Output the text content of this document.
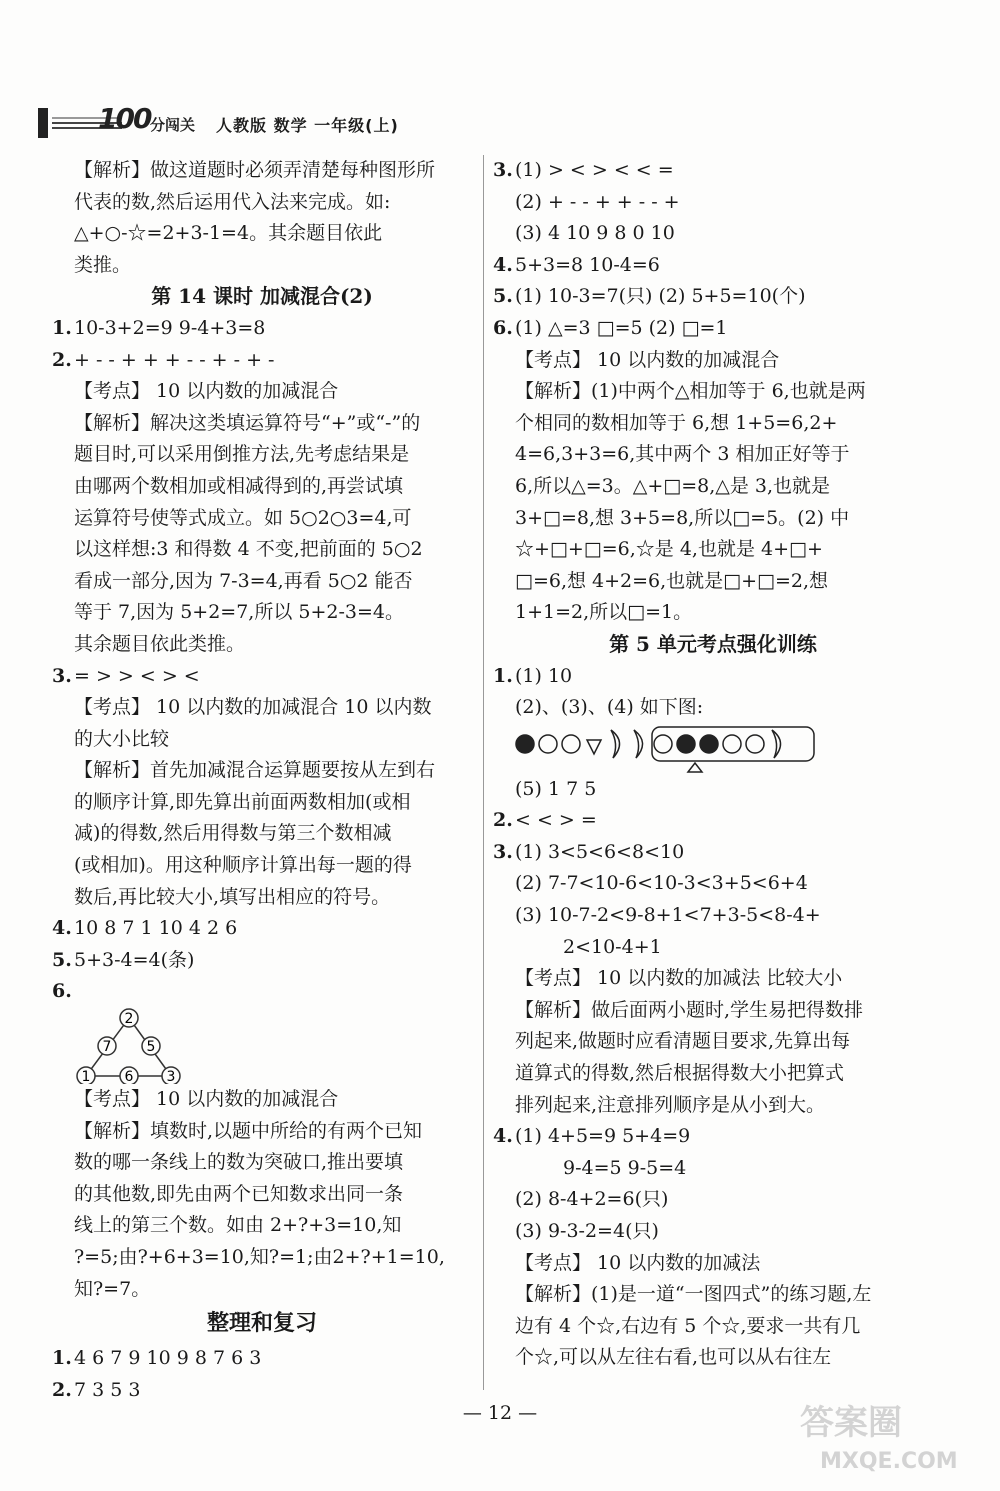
100 分闯关 人教版 数学 一年级(上)
【解析】做这道题时必须弄清楚每种图形所
代表的数,然后运用代入法来完成。如:
△+○-☆=2+3-1=4。其余题目依此
类推。
第 14 课时 加减混合(2)
1. 10-3+2=9 9-4+3=8
2. + - - + + + - - + - + -
【考点】 10 以内数的加减混合
【解析】解决这类填运算符号“+”或“-”的
题目时,可以采用倒推方法,先考虑结果是
由哪两个数相加或相减得到的,再尝试填
运算符号使等式成立。如 5○2○3=4,可
以这样想:3 和得数 4 不变,把前面的 5○2
看成一部分,因为 7-3=4,再看 5○2 能否
等于 7,因为 5+2=7,所以 5+2-3=4。
其余题目依此类推。
3. = > > < > <
【考点】 10 以内数的加减混合 10 以内数
的大小比较
【解析】首先加减混合运算题要按从左到右
的顺序计算,即先算出前面两数相加(或相
减)的得数,然后用得数与第三个数相减
(或相加)。用这种顺序计算出每一题的得
数后,再比较大小,填写出相应的符号。
4. 10 8 7 1 10 4 2 6
5. 5+3-4=4(条)
6.
2
7	5
1 6 3
【考点】 10 以内数的加减混合
【解析】填数时,以题中所给的有两个已知
数的哪一条线上的数为突破口,推出要填
的其他数,即先由两个已知数求出同一条
线上的第三个数。如由 2+?+3=10,知
?=5;由?+6+3=10,知?=1;由2+?+1=10,
知?=7。
整理和复习
1. 4 6 7 9 10 9 8 7 6 3
2. 7 3 5 3
3. (1) > < > < < =
(2) + - - + + - - +
(3) 4 10 9 8 0 10
4. 5+3=8 10-4=6
5. (1) 10-3=7(只) (2) 5+5=10(个)
6. (1) △=3 □=5 (2) □=1
【考点】 10 以内数的加减混合
【解析】(1)中两个△相加等于 6,也就是两
个相同的数相加等于 6,想 1+5=6,2+
4=6,3+3=6,其中两个 3 相加正好等于
6,所以△=3。△+□=8,△是 3,也就是
3+□=8,想 3+5=8,所以□=5。(2) 中
☆+□+□=6,☆是 4,也就是 4+□+
□=6,想 4+2=6,也就是□+□=2,想
1+1=2,所以□=1。
第 5 单元考点强化训练
1. (1) 10
(2)、(3)、(4) 如下图:
(5) 1 7 5
2. < < > =
3. (1) 3<5<6<8<10
(2) 7-7<10-6<10-3<3+5<6+4
(3) 10-7-2<9-8+1<7+3-5<8-4+
2<10-4+1
【考点】 10 以内数的加减法 比较大小
【解析】做后面两小题时,学生易把得数排
列起来,做题时应看清题目要求,先算出每
道算式的得数,然后根据得数大小把算式
排列起来,注意排列顺序是从小到大。
4. (1) 4+5=9 5+4=9
9-4=5 9-5=4
(2) 8-4+2=6(只)
(3) 9-3-2=4(只)
【考点】 10 以内数的加减法
【解析】(1)是一道“一图四式”的练习题,左
边有 4 个☆,右边有 5 个☆,要求一共有几
个☆,可以从左往右看,也可以从右往左
— 12 —	答案圈
MXQE.COM
